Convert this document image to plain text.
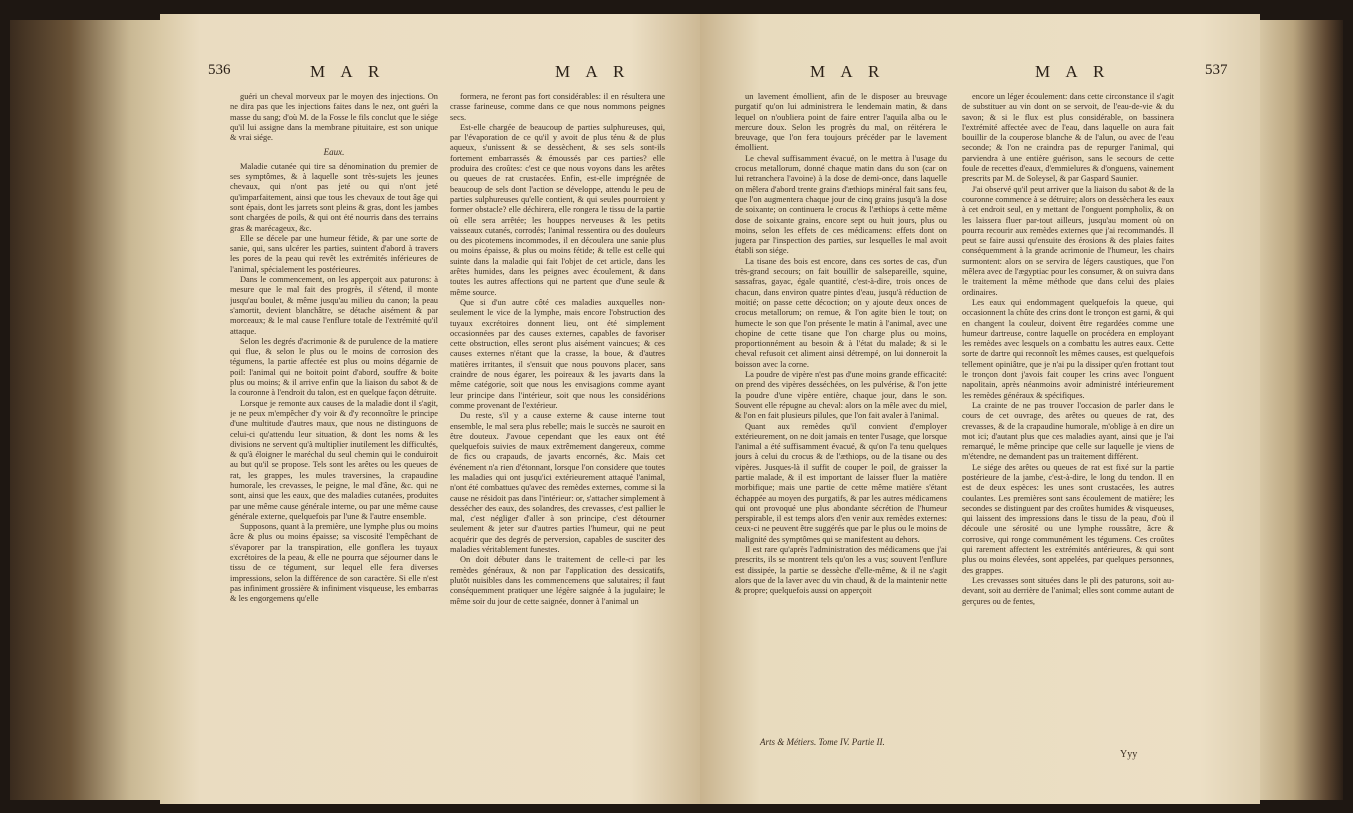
536	M A R	M A R

guéri un cheval morveux par le moyen des injections. On ne dira pas que les injections faites dans le nez, ont guéri la masse du sang; d'où M. de la Fosse le fils conclut que le siége qu'il lui assigne dans la membrane pituitaire, est son unique & vrai siége.

Eaux.

Maladie cutanée qui tire sa dénomination du premier de ses symptômes, & à laquelle sont très-sujets les jeunes chevaux, qui n'ont pas jeté ou qui n'ont jeté qu'imparfaitement, ainsi que tous les chevaux de tout âge qui sont épais, dont les jarrets sont pleins & gras, dont les jambes sont chargées de poils, & qui ont été nourris dans des terrains gras & marécageux, &c.

Elle se décele par une humeur fétide, & par une sorte de sanie, qui, sans ulcérer les parties, suintent d'abord à travers les pores de la peau qui revêt les extrémités inférieures de l'animal, spécialement les postérieures.

Dans le commencement, on les apperçoit aux paturons: à mesure que le mal fait des progrès, il s'étend, il monte jusqu'au boulet, & même jusqu'au milieu du canon; la peau s'amortit, devient blanchâtre, se détache aisément & par morceaux; & le mal cause l'enflure totale de l'extrémité qu'il attaque.

Selon les degrés d'acrimonie & de purulence de la matiere qui flue, & selon le plus ou le moins de corrosion des tégumens, la partie affectée est plus ou moins dégarnie de poil: l'animal qui ne boitoit point d'abord, souffre & boite plus ou moins; & il arrive enfin que la liaison du sabot & de la couronne à l'endroit du talon, est en quelque façon détruite.

Lorsque je remonte aux causes de la maladie dont il s'agit, je ne peux m'empêcher d'y voir & d'y reconnoître le principe d'une multitude d'autres maux, que nous ne distinguons de celui-ci qu'attendu leur situation, & dont les noms & les divisions ne servent qu'à multiplier inutilement les difficultés, & qu'à éloigner le maréchal du seul chemin qui le conduiroit au but qu'il se propose. Tels sont les arêtes ou les queues de rat, les grappes, les mules traversines, la crapaudine humorale, les crevasses, le peigne, le mal d'âne, &c. qui ne sont, ainsi que les eaux, que des maladies cutanées, produites par une même cause générale interne, ou par une même cause générale externe, quelquefois par l'une & l'autre ensemble.

Supposons, quant à la première, une lymphe plus ou moins âcre & plus ou moins épaisse; sa viscosité l'empêchant de s'évaporer par la transpiration, elle gonflera les tuyaux excrétoires de la peau, & elle ne pourra que séjourner dans le tissu de ce tégument, sur lequel elle fera diverses impressions, selon la différence de son caractère. Si elle n'est pas infiniment grossière & infiniment visqueuse, les embarras & les engorgemens qu'elle

formera, ne feront pas fort considérables: il en résultera une crasse farineuse, comme dans ce que nous nommons peignes secs.

Est-elle chargée de beaucoup de parties sulphureuses, qui, par l'évaporation de ce qu'il y avoit de plus ténu & de plus aqueux, s'unissent & se dessèchent, & ses sels sont-ils fortement embarrassés & émoussés par ces parties? elle produira des croûtes: c'est ce que nous voyons dans les arêtes ou queues de rat crustacées. Enfin, est-elle imprégnée de beaucoup de sels dont l'action se développe, attendu le peu de parties sulphureuses qu'elle contient, & qui seules pourroient y former obstacle? elle déchirera, elle rongera le tissu de la partie où elle sera arrêtée; les houppes nerveuses & les petits vaisseaux cutanés, corrodés; l'animal ressentira ou des douleurs ou des picotemens incommodes, il en découlera une sanie plus ou moins épaisse, & plus ou moins fétide; & telle est celle qui suinte dans la maladie qui fait l'objet de cet article, dans les arêtes humides, dans les peignes avec écoulement, & dans toutes les autres affections qui ne partent que d'une seule & même source.

Que si d'un autre côté ces maladies auxquelles non-seulement le vice de la lymphe, mais encore l'obstruction des tuyaux excrétoires donnent lieu, ont été simplement occasionnées par des causes externes, capables de favoriser cette obstruction, elles seront plus aisément vaincues; & ces causes externes n'étant que la crasse, la boue, & d'autres matières irritantes, il s'ensuit que nous pouvons placer, sans craindre de nous égarer, les poireaux & les javarts dans la même catégorie, soit que nous les envisagions comme ayant leur principe dans l'intérieur, soit que nous les considérions comme provenant de l'extérieur.

Du reste, s'il y a cause externe & cause interne tout ensemble, le mal sera plus rebelle; mais le succès ne sauroit en être douteux. J'avoue cependant que les eaux ont été quelquefois suivies de maux extrêmement dangereux, comme de fics ou crapauds, de javarts encornés, &c. Mais cet événement n'a rien d'étonnant, lorsque l'on considere que toutes les maladies qui ont jusqu'ici extérieurement attaqué l'animal, n'ont été combattues qu'avec des remèdes externes, comme si la cause ne résidoit pas dans l'intérieur: or, s'attacher simplement à dessécher des eaux, des solandres, des crevasses, c'est pallier le mal, c'est négliger d'aller à son principe, c'est détourner seulement & jeter sur d'autres parties l'humeur, qui ne peut acquérir que des degrés de perversion, capables de susciter des maladies véritablement funestes.

On doit débuter dans le traitement de celle-ci par les remèdes généraux, & non par l'application des dessicatifs, plutôt nuisibles dans les commencemens que salutaires; il faut conséquemment pratiquer une légère saignée à la jugulaire; le même soir du jour de cette saignée, donner à l'animal un

M A R	M A R	537

un lavement émollient, afin de le disposer au breuvage purgatif qu'on lui administrera le lendemain matin, & dans lequel on n'oubliera point de faire entrer l'aquila alba ou le mercure doux. Selon les progrès du mal, on réitérera le breuvage, que l'on fera toujours précéder par le lavement émollient.

Le cheval suffisamment évacué, on le mettra à l'usage du crocus metallorum, donné chaque matin dans du son (car on lui retranchera l'avoine) à la dose de demi-once, dans laquelle on mêlera d'abord trente grains d'æthiops minéral fait sans feu, que l'on augmentera chaque jour de cinq grains jusqu'à la dose de soixante; on continuera le crocus & l'æthiops à cette même dose de soixante grains, encore sept ou huit jours, plus ou moins, selon les effets de ces médicamens: effets dont on jugera par l'inspection des parties, sur lesquelles le mal avoit établi son siége.

La tisane des bois est encore, dans ces sortes de cas, d'un très-grand secours; on fait bouillir de salsepareille, squine, sassafras, gayac, égale quantité, c'est-à-dire, trois onces de chacun, dans environ quatre pintes d'eau, jusqu'à réduction de moitié; on passe cette décoction; on y ajoute deux onces de crocus metallorum; on remue, & l'on agite bien le tout; on humecte le son que l'on présente le matin à l'animal, avec une chopine de cette tisane que l'on charge plus ou moins, proportionnément au besoin & à l'état du malade; & si le cheval refusoit cet aliment ainsi détrempé, on lui donneroit la boisson avec la corne.

La poudre de vipère n'est pas d'une moins grande efficacité: on prend des vipères desséchées, on les pulvérise, & l'on jette la poudre d'une vipère entière, chaque jour, dans le son. Souvent elle répugne au cheval: alors on la mêle avec du miel, & l'on en fait plusieurs pilules, que l'on fait avaler à l'animal.

Quant aux remèdes qu'il convient d'employer extérieurement, on ne doit jamais en tenter l'usage, que lorsque l'animal a été suffisamment évacué, & qu'on l'a tenu quelques jours à celui du crocus & de l'æthiops, ou de la tisane ou des vipères. Jusques-là il suffit de couper le poil, de graisser la partie malade, & il est important de laisser fluer la matière morbifique; mais une partie de cette même matière s'étant échappée au moyen des purgatifs, & par les autres médicamens qui ont provoqué une plus abondante sécrétion de l'humeur perspirable, il est temps alors d'en venir aux remèdes externes: ceux-ci ne peuvent être suggérés que par le plus ou le moins de malignité des symptômes qui se manifestent au dehors.

Il est rare qu'après l'administration des médicamens que j'ai prescrits, ils se montrent tels qu'on les a vus; souvent l'enflure est dissipée, la partie se dessèche d'elle-même, & il ne s'agit alors que de la laver avec du vin chaud, & de la maintenir nette & propre; quelquefois aussi on apperçoit

Arts & Métiers. Tome IV. Partie II.

encore un léger écoulement: dans cette circonstance il s'agit de substituer au vin dont on se servoit, de l'eau-de-vie & du savon; & si le flux est plus considérable, on bassinera l'extrémité affectée avec de l'eau, dans laquelle on aura fait bouillir de la couperose blanche & de l'alun, ou avec de l'eau seconde; & l'on ne craindra pas de repurger l'animal, qui parviendra à une entière guérison, sans le secours de cette foule de recettes d'eaux, d'emmielures & d'onguens, vainement prescrits par M. de Soleysel, & par Gaspard Saunier.

J'ai observé qu'il peut arriver que la liaison du sabot & de la couronne commence à se détruire; alors on dessèchera les eaux à cet endroit seul, en y mettant de l'onguent pompholix, & on les laissera fluer par-tout ailleurs, jusqu'au moment où on pourra recourir aux remèdes externes que j'ai recommandés. Il peut se faire aussi qu'ensuite des érosions & des plaies faites conséquemment à la grande acrimonie de l'humeur, les chairs surmontent: alors on se servira de légers caustiques, que l'on mêlera avec de l'ægyptiac pour les consumer, & on suivra dans le traitement la même méthode que dans celui des plaies ordinaires.

Les eaux qui endommagent quelquefois la queue, qui occasionnent la chûte des crins dont le tronçon est garni, & qui en changent la couleur, doivent être regardées comme une humeur dartreuse, contre laquelle on procédera en employant les remèdes avec lesquels on a combattu les autres eaux. Cette sorte de dartre qui reconnoît les mêmes causes, est quelquefois tellement opiniâtre, que je n'ai pu la dissiper qu'en frottant tout le tronçon dont j'avois fait couper les crins avec l'onguent napolitain, après néanmoins avoir administré intérieurement les remèdes généraux & spécifiques.

La crainte de ne pas trouver l'occasion de parler dans le cours de cet ouvrage, des arêtes ou queues de rat, des crevasses, & de la crapaudine humorale, m'oblige à en dire un mot ici; d'autant plus que ces maladies ayant, ainsi que je l'ai remarqué, le même principe que celle sur laquelle je viens de m'étendre, ne demandent pas un traitement différent.

Le siége des arêtes ou queues de rat est fixé sur la partie postérieure de la jambe, c'est-à-dire, le long du tendon. Il en est de deux espèces: les unes sont crustacées, les autres coulantes. Les premières sont sans écoulement de matière; les secondes se distinguent par des croûtes humides & visqueuses, qui laissent des impressions dans le tissu de la peau, d'où il découle une sérosité ou une lymphe roussâtre, âcre & corrosive, qui ronge communément les tégumens. Ces croûtes qui rarement affectent les extrémités antérieures, & qui sont plus ou moins élevées, sont appelées, par quelques personnes, des grappes.

Les crevasses sont situées dans le pli des paturons, soit au-devant, soit au derrière de l'animal; elles sont comme autant de gerçures ou de fentes,

Yyy
